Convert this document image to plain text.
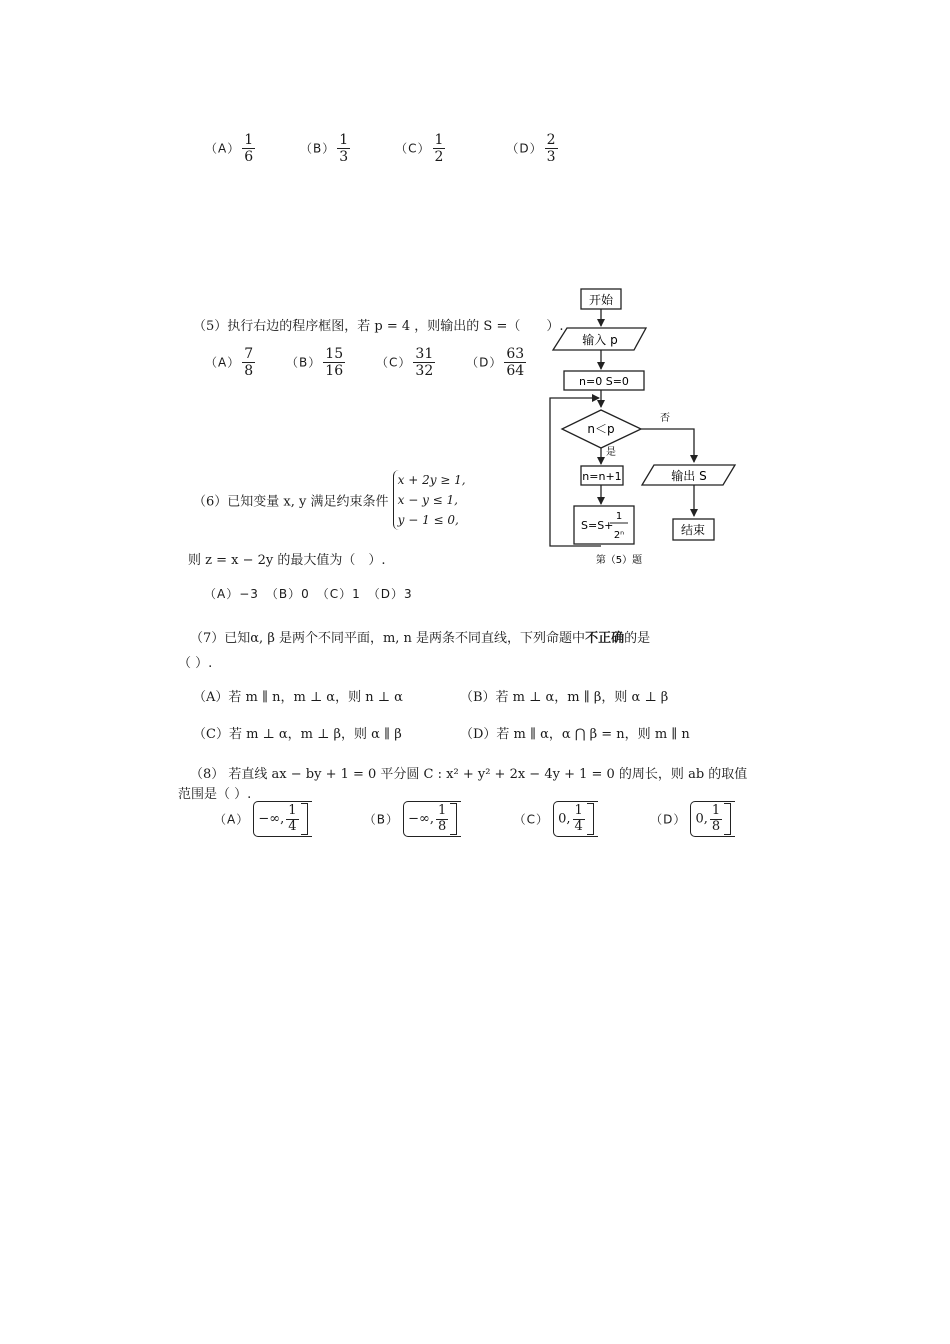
$(A) \frac{1}{6}$	$(B) \frac{1}{3}$	$(C) \frac{1}{2}$	$(D) \frac{2}{3}$
（5）执行右边的程序框图，若 p = 4 ，则输出的 S =（　　）.
$(A) \frac{7}{8}$	$(B) \frac{15}{16}$	$(C) \frac{31}{32}$	$(D) \frac{63}{64}$
开始
输入 p
n=0 S=0
n＜p
否
是
n=n+1
S=S+
1
2ⁿ
输出 S
结束
第（5）题
（6）已知变量 x, y 满足约束条件
x + 2y ≥ 1,
x − y ≤ 1,
y − 1 ≤ 0,
则 z = x − 2y 的最大值为（　）.
（A）−3　（B）0　（C）1　（D）3
（7）已知α, β 是两个不同平面，m, n 是两条不同直线，下列命题中不正确的是
（ ）.
（A）若 m ∥ n，m ⊥ α，则 n ⊥ α	（B）若 m ⊥ α，m ∥ β，则 α ⊥ β
（C）若 m ⊥ α，m ⊥ β，则 α ∥ β	（D）若 m ∥ α，α ⋂ β = n，则 m ∥ n
（8） 若直线 ax − by + 1 = 0 平分圆 C : x² + y² + 2x − 4y + 1 = 0 的周长，则 ab 的取值
范围是（ ）.
（A） −∞, $\frac{1}{4}$	（B） −∞, $\frac{1}{8}$	（C） 0, $\frac{1}{4}$	（D） 0, $\frac{1}{8}$
